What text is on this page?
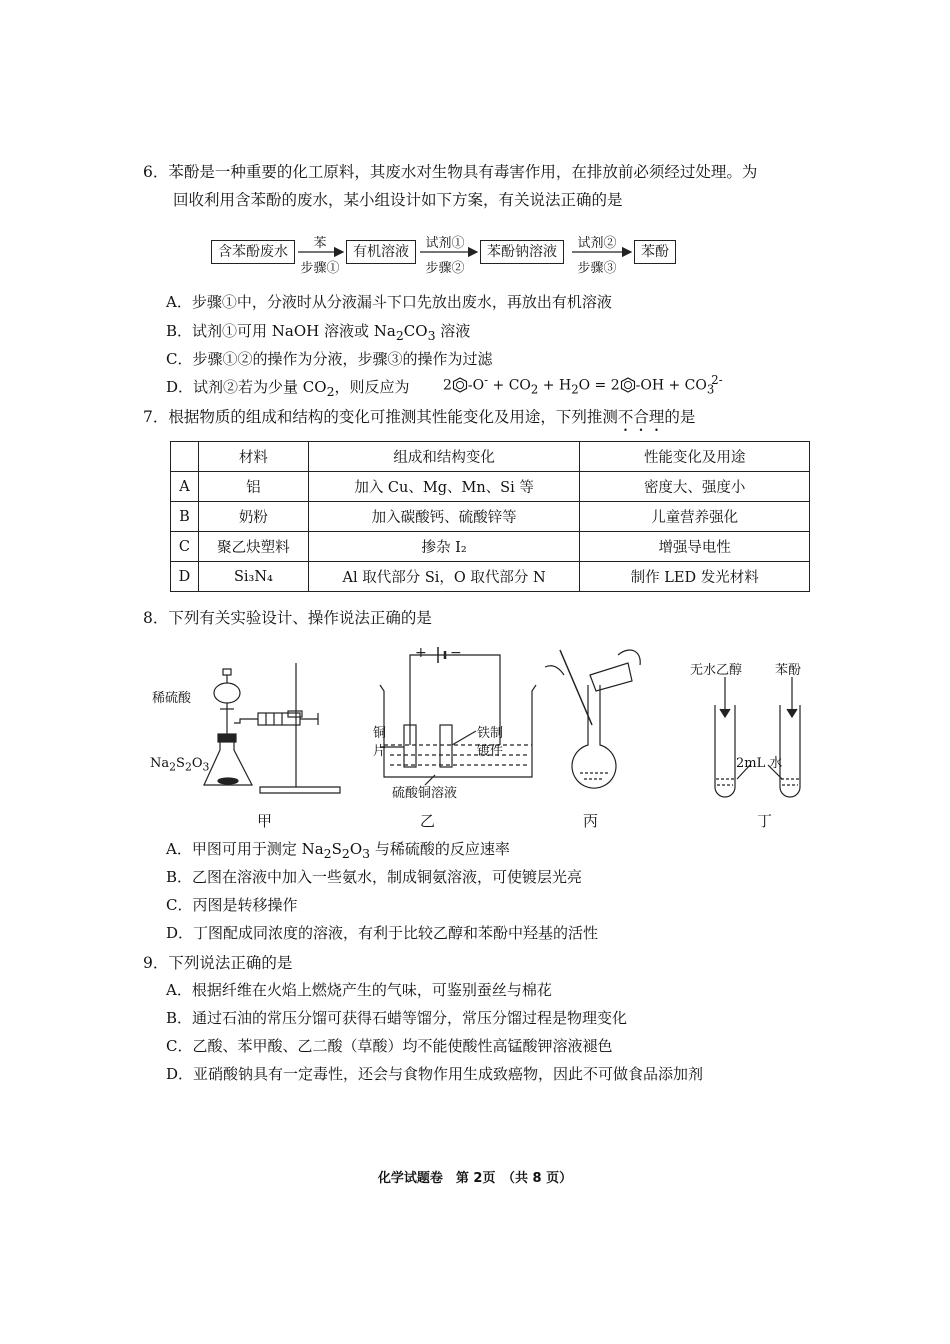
6．苯酚是一种重要的化工原料，其废水对生物具有毒害作用，在排放前必须经过处理。为
回收利用含苯酚的废水，某小组设计如下方案，有关说法正确的是
含苯酚废水
苯
步骤①
有机溶液
试剂①
步骤②
苯酚钠溶液
试剂②
步骤③
苯酚
A．步骤①中，分液时从分液漏斗下口先放出废水，再放出有机溶液
B．试剂①可用 NaOH 溶液或 $Na_2CO_3$ 溶液
C．步骤①②的操作为分液，步骤③的操作为过滤
D．试剂②若为少量 $CO_2$，则反应为 2 $-O^- + CO_2 + H_2O = 2$ $-OH + CO_3^{2-}$
7．根据物质的组成和结构的变化可推测其性能变化及用途，下列推测不合理的是
	材料	组成和结构变化	性能变化及用途
A	铝	加入 Cu、Mg、Mn、Si 等	密度大、强度小
B	奶粉	加入碳酸钙、硫酸锌等	儿童营养强化
C	聚乙炔塑料	掺杂 I₂	增强导电性
D	Si₃N₄	Al 取代部分 Si，O 取代部分 N	制作 LED 发光材料
8．下列有关实验设计、操作说法正确的是
+ −
稀硫酸
$Na_2S_2O_3$
铜
片
铁制
镀件
硫酸铜溶液
无水乙醇	苯酚
2mL 水
甲	乙	丙	丁
A．甲图可用于测定 $Na_2S_2O_3$ 与稀硫酸的反应速率
B．乙图在溶液中加入一些氨水，制成铜氨溶液，可使镀层光亮
C．丙图是转移操作
D．丁图配成同浓度的溶液，有利于比较乙醇和苯酚中羟基的活性
9．下列说法正确的是
A．根据纤维在火焰上燃烧产生的气味，可鉴别蚕丝与棉花
B．通过石油的常压分馏可获得石蜡等馏分，常压分馏过程是物理变化
C．乙酸、苯甲酸、乙二酸（草酸）均不能使酸性高锰酸钾溶液褪色
D．亚硝酸钠具有一定毒性，还会与食物作用生成致癌物，因此不可做食品添加剂
化学试题卷　第 2页　（共 8 页）
